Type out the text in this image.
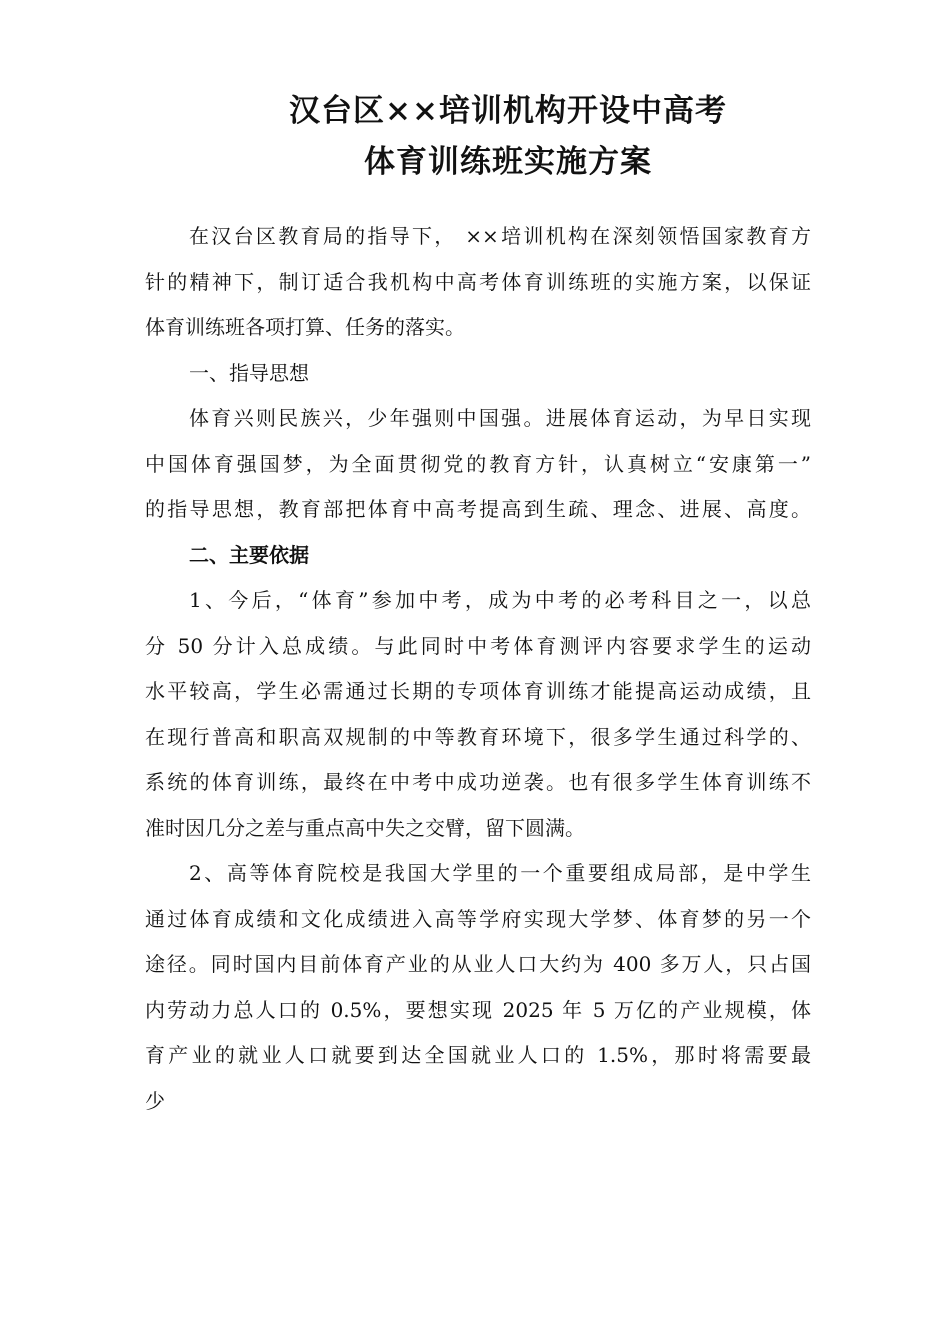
汉台区××培训机构开设中高考
体育训练班实施方案
在汉台区教育局的指导下， ××培训机构在深刻领悟国家教育方
针的精神下，制订适合我机构中高考体育训练班的实施方案，以保证
体育训练班各项打算、任务的落实。
一、指导思想
体育兴则民族兴，少年强则中国强。进展体育运动，为早日实现
中国体育强国梦，为全面贯彻党的教育方针，认真树立“安康第一”
的指导思想，教育部把体育中高考提高到生疏、理念、进展、高度。
二、主要依据
1、今后，“体育”参加中考，成为中考的必考科目之一，以总
分 50 分计入总成绩。与此同时中考体育测评内容要求学生的运动
水平较高，学生必需通过长期的专项体育训练才能提高运动成绩，且
在现行普高和职高双规制的中等教育环境下，很多学生通过科学的、
系统的体育训练，最终在中考中成功逆袭。也有很多学生体育训练不
准时因几分之差与重点高中失之交臂，留下圆满。
2、高等体育院校是我国大学里的一个重要组成局部，是中学生
通过体育成绩和文化成绩进入高等学府实现大学梦、体育梦的另一个
途径。同时国内目前体育产业的从业人口大约为 400 多万人，只占国
内劳动力总人口的 0.5%，要想实现 2025 年 5 万亿的产业规模，体
育产业的就业人口就要到达全国就业人口的 1.5%，那时将需要最
少
